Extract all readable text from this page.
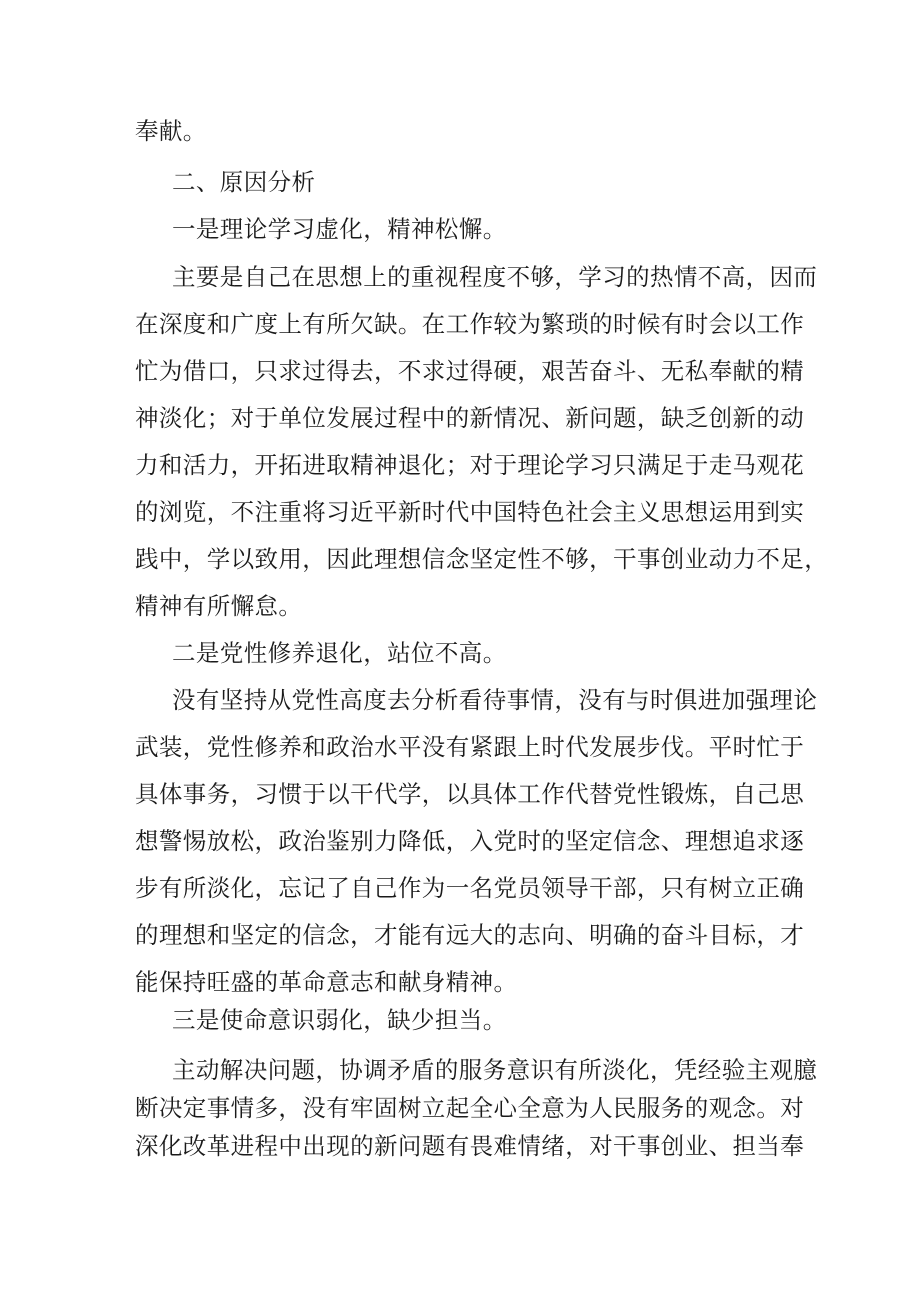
奉献。
二、原因分析
一是理论学习虚化，精神松懈。
主要是自己在思想上的重视程度不够，学习的热情不高，因而
在深度和广度上有所欠缺。在工作较为繁琐的时候有时会以工作
忙为借口，只求过得去，不求过得硬，艰苦奋斗、无私奉献的精
神淡化；对于单位发展过程中的新情况、新问题，缺乏创新的动
力和活力，开拓进取精神退化；对于理论学习只满足于走马观花
的浏览，不注重将习近平新时代中国特色社会主义思想运用到实
践中，学以致用，因此理想信念坚定性不够，干事创业动力不足，
精神有所懈怠。
二是党性修养退化，站位不高。
没有坚持从党性高度去分析看待事情，没有与时俱进加强理论
武装，党性修养和政治水平没有紧跟上时代发展步伐。平时忙于
具体事务，习惯于以干代学，以具体工作代替党性锻炼，自己思
想警惕放松，政治鉴别力降低，入党时的坚定信念、理想追求逐
步有所淡化，忘记了自己作为一名党员领导干部，只有树立正确
的理想和坚定的信念，才能有远大的志向、明确的奋斗目标，才
能保持旺盛的革命意志和献身精神。
三是使命意识弱化，缺少担当。
主动解决问题，协调矛盾的服务意识有所淡化，凭经验主观臆
断决定事情多，没有牢固树立起全心全意为人民服务的观念。对
深化改革进程中出现的新问题有畏难情绪，对干事创业、担当奉
